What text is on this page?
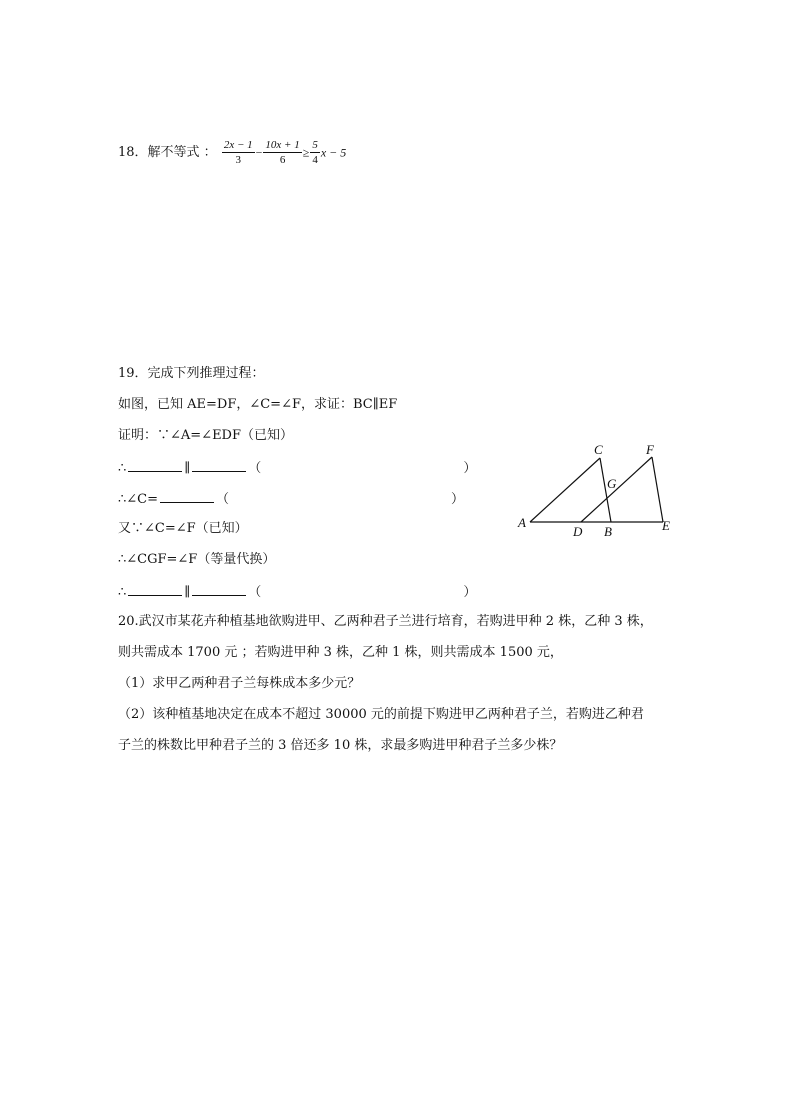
18．解不等式 ： $\frac{2x - 1}{3} - \frac{10x + 1}{6} \ge \frac{5}{4}$ x − 5
19．完成下列推理过程：
如图，已知 AE=DF，∠C=∠F，求证：BC∥EF
证明：∵∠A=∠EDF（已知）
∴	∥	（	）
∴∠C=	（	）
又∵∠C=∠F（已知）
∴∠CGF=∠F（等量代换）
∴	∥	（	）
A
C	F
G
D B	E
20.武汉市某花卉种植基地欲购进甲、乙两种君子兰进行培育，若购进甲种 2 株，乙种 3 株，
则共需成本 1700 元 ；若购进甲种 3 株，乙种 1 株，则共需成本 1500 元，
（1）求甲乙两种君子兰每株成本多少元？
（2）该种植基地决定在成本不超过 30000 元的前提下购进甲乙两种君子兰，若购进乙种君
子兰的株数比甲种君子兰的 3 倍还多 10 株，求最多购进甲种君子兰多少株？
